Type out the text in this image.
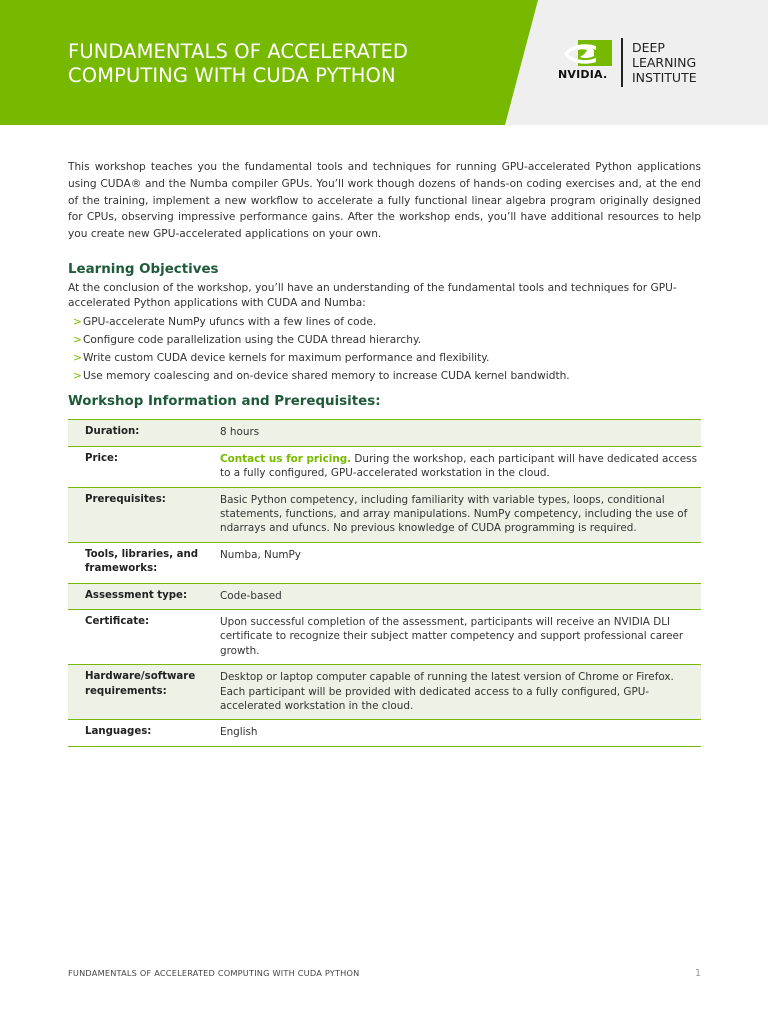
FUNDAMENTALS OF ACCELERATED
COMPUTING WITH CUDA PYTHON	NVIDIA.
DEEP
LEARNING
INSTITUTE

This workshop teaches you the fundamental tools and techniques for running GPU-accelerated Python applications using CUDA® and the Numba compiler GPUs. You’ll work though dozens of hands-on coding exercises and, at the end of the training, implement a new workflow to accelerate a fully functional linear algebra program originally designed for CPUs, observing impressive performance gains. After the workshop ends, you’ll have additional resources to help you create new GPU-accelerated applications on your own.

Learning Objectives

At the conclusion of the workshop, you’ll have an understanding of the fundamental tools and techniques for GPU-accelerated Python applications with CUDA and Numba:

>GPU-accelerate NumPy ufuncs with a few lines of code.
>Configure code parallelization using the CUDA thread hierarchy.
>Write custom CUDA device kernels for maximum performance and flexibility.
>Use memory coalescing and on-device shared memory to increase CUDA kernel bandwidth.
Workshop Information and Prerequisites:
Duration:	8 hours
Price:	Contact us for pricing. During the workshop, each participant will have dedicated access to a fully configured, GPU-accelerated workstation in the cloud.
Prerequisites:	Basic Python competency, including familiarity with variable types, loops, conditional statements, functions, and array manipulations. NumPy competency, including the use of ndarrays and ufuncs. No previous knowledge of CUDA programming is required.
Tools, libraries, and frameworks:	Numba, NumPy
Assessment type:	Code-based
Certificate:	Upon successful completion of the assessment, participants will receive an NVIDIA DLI certificate to recognize their subject matter competency and support professional career growth.
Hardware/software requirements:	Desktop or laptop computer capable of running the latest version of Chrome or Firefox. Each participant will be provided with dedicated access to a fully configured, GPU-accelerated workstation in the cloud.
Languages:	English
FUNDAMENTALS OF ACCELERATED COMPUTING WITH CUDA PYTHON	1
